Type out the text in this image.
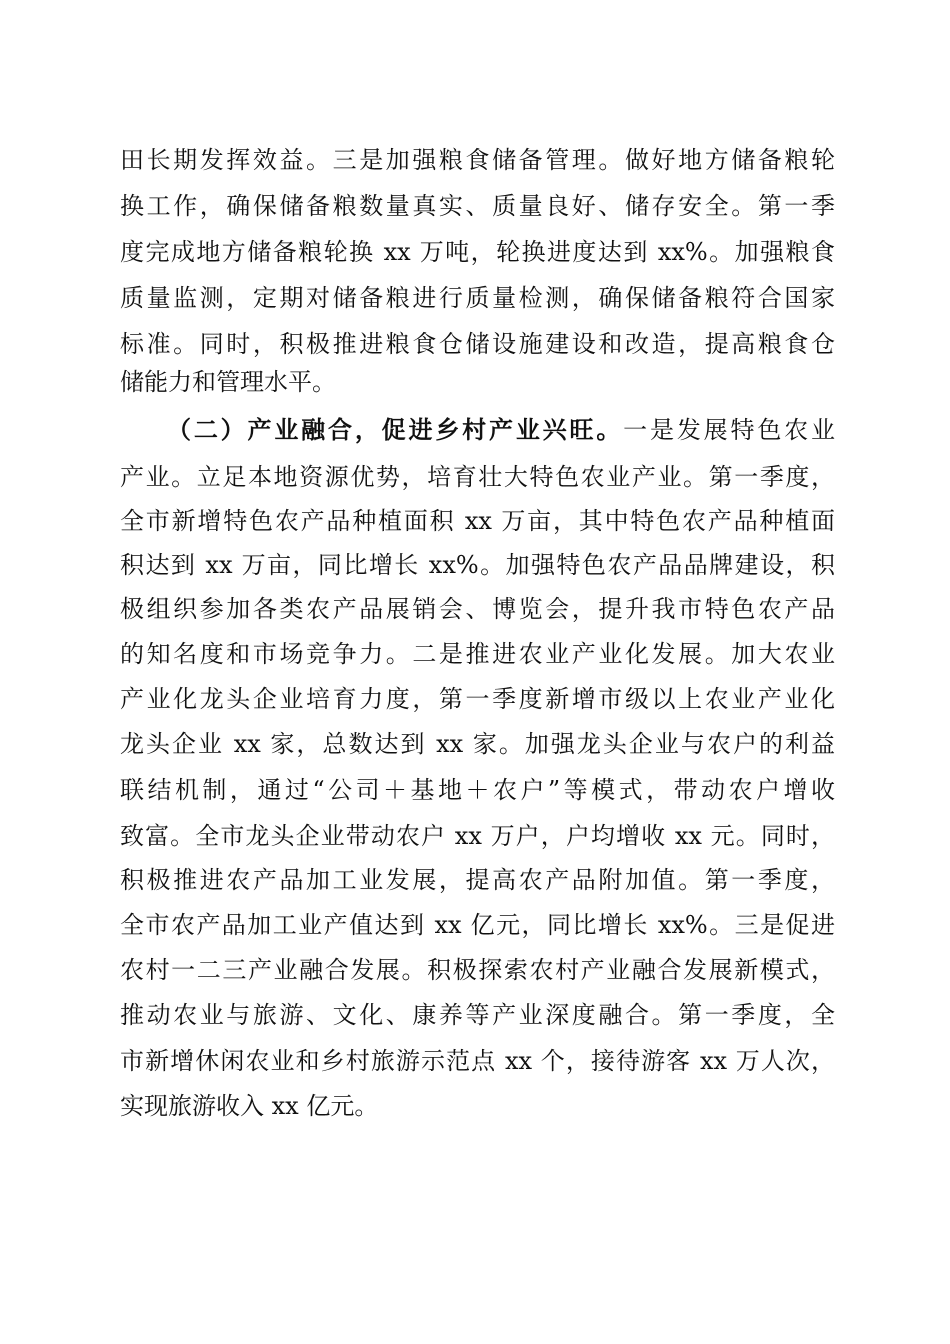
田长期发挥效益。三是加强粮食储备管理。做好地方储备粮轮
换工作，确保储备粮数量真实、质量良好、储存安全。第一季
度完成地方储备粮轮换 xx 万吨，轮换进度达到 xx%。加强粮食
质量监测，定期对储备粮进行质量检测，确保储备粮符合国家
标准。同时，积极推进粮食仓储设施建设和改造，提高粮食仓
储能力和管理水平。
（二）产业融合，促进乡村产业兴旺。一是发展特色农业
产业。立足本地资源优势，培育壮大特色农业产业。第一季度，
全市新增特色农产品种植面积 xx 万亩，其中特色农产品种植面
积达到 xx 万亩，同比增长 xx%。加强特色农产品品牌建设，积
极组织参加各类农产品展销会、博览会，提升我市特色农产品
的知名度和市场竞争力。二是推进农业产业化发展。加大农业
产业化龙头企业培育力度，第一季度新增市级以上农业产业化
龙头企业 xx 家，总数达到 xx 家。加强龙头企业与农户的利益
联结机制，通过“公司＋基地＋农户”等模式，带动农户增收
致富。全市龙头企业带动农户 xx 万户，户均增收 xx 元。同时，
积极推进农产品加工业发展，提高农产品附加值。第一季度，
全市农产品加工业产值达到 xx 亿元，同比增长 xx%。三是促进
农村一二三产业融合发展。积极探索农村产业融合发展新模式，
推动农业与旅游、文化、康养等产业深度融合。第一季度，全
市新增休闲农业和乡村旅游示范点 xx 个，接待游客 xx 万人次，
实现旅游收入 xx 亿元。
